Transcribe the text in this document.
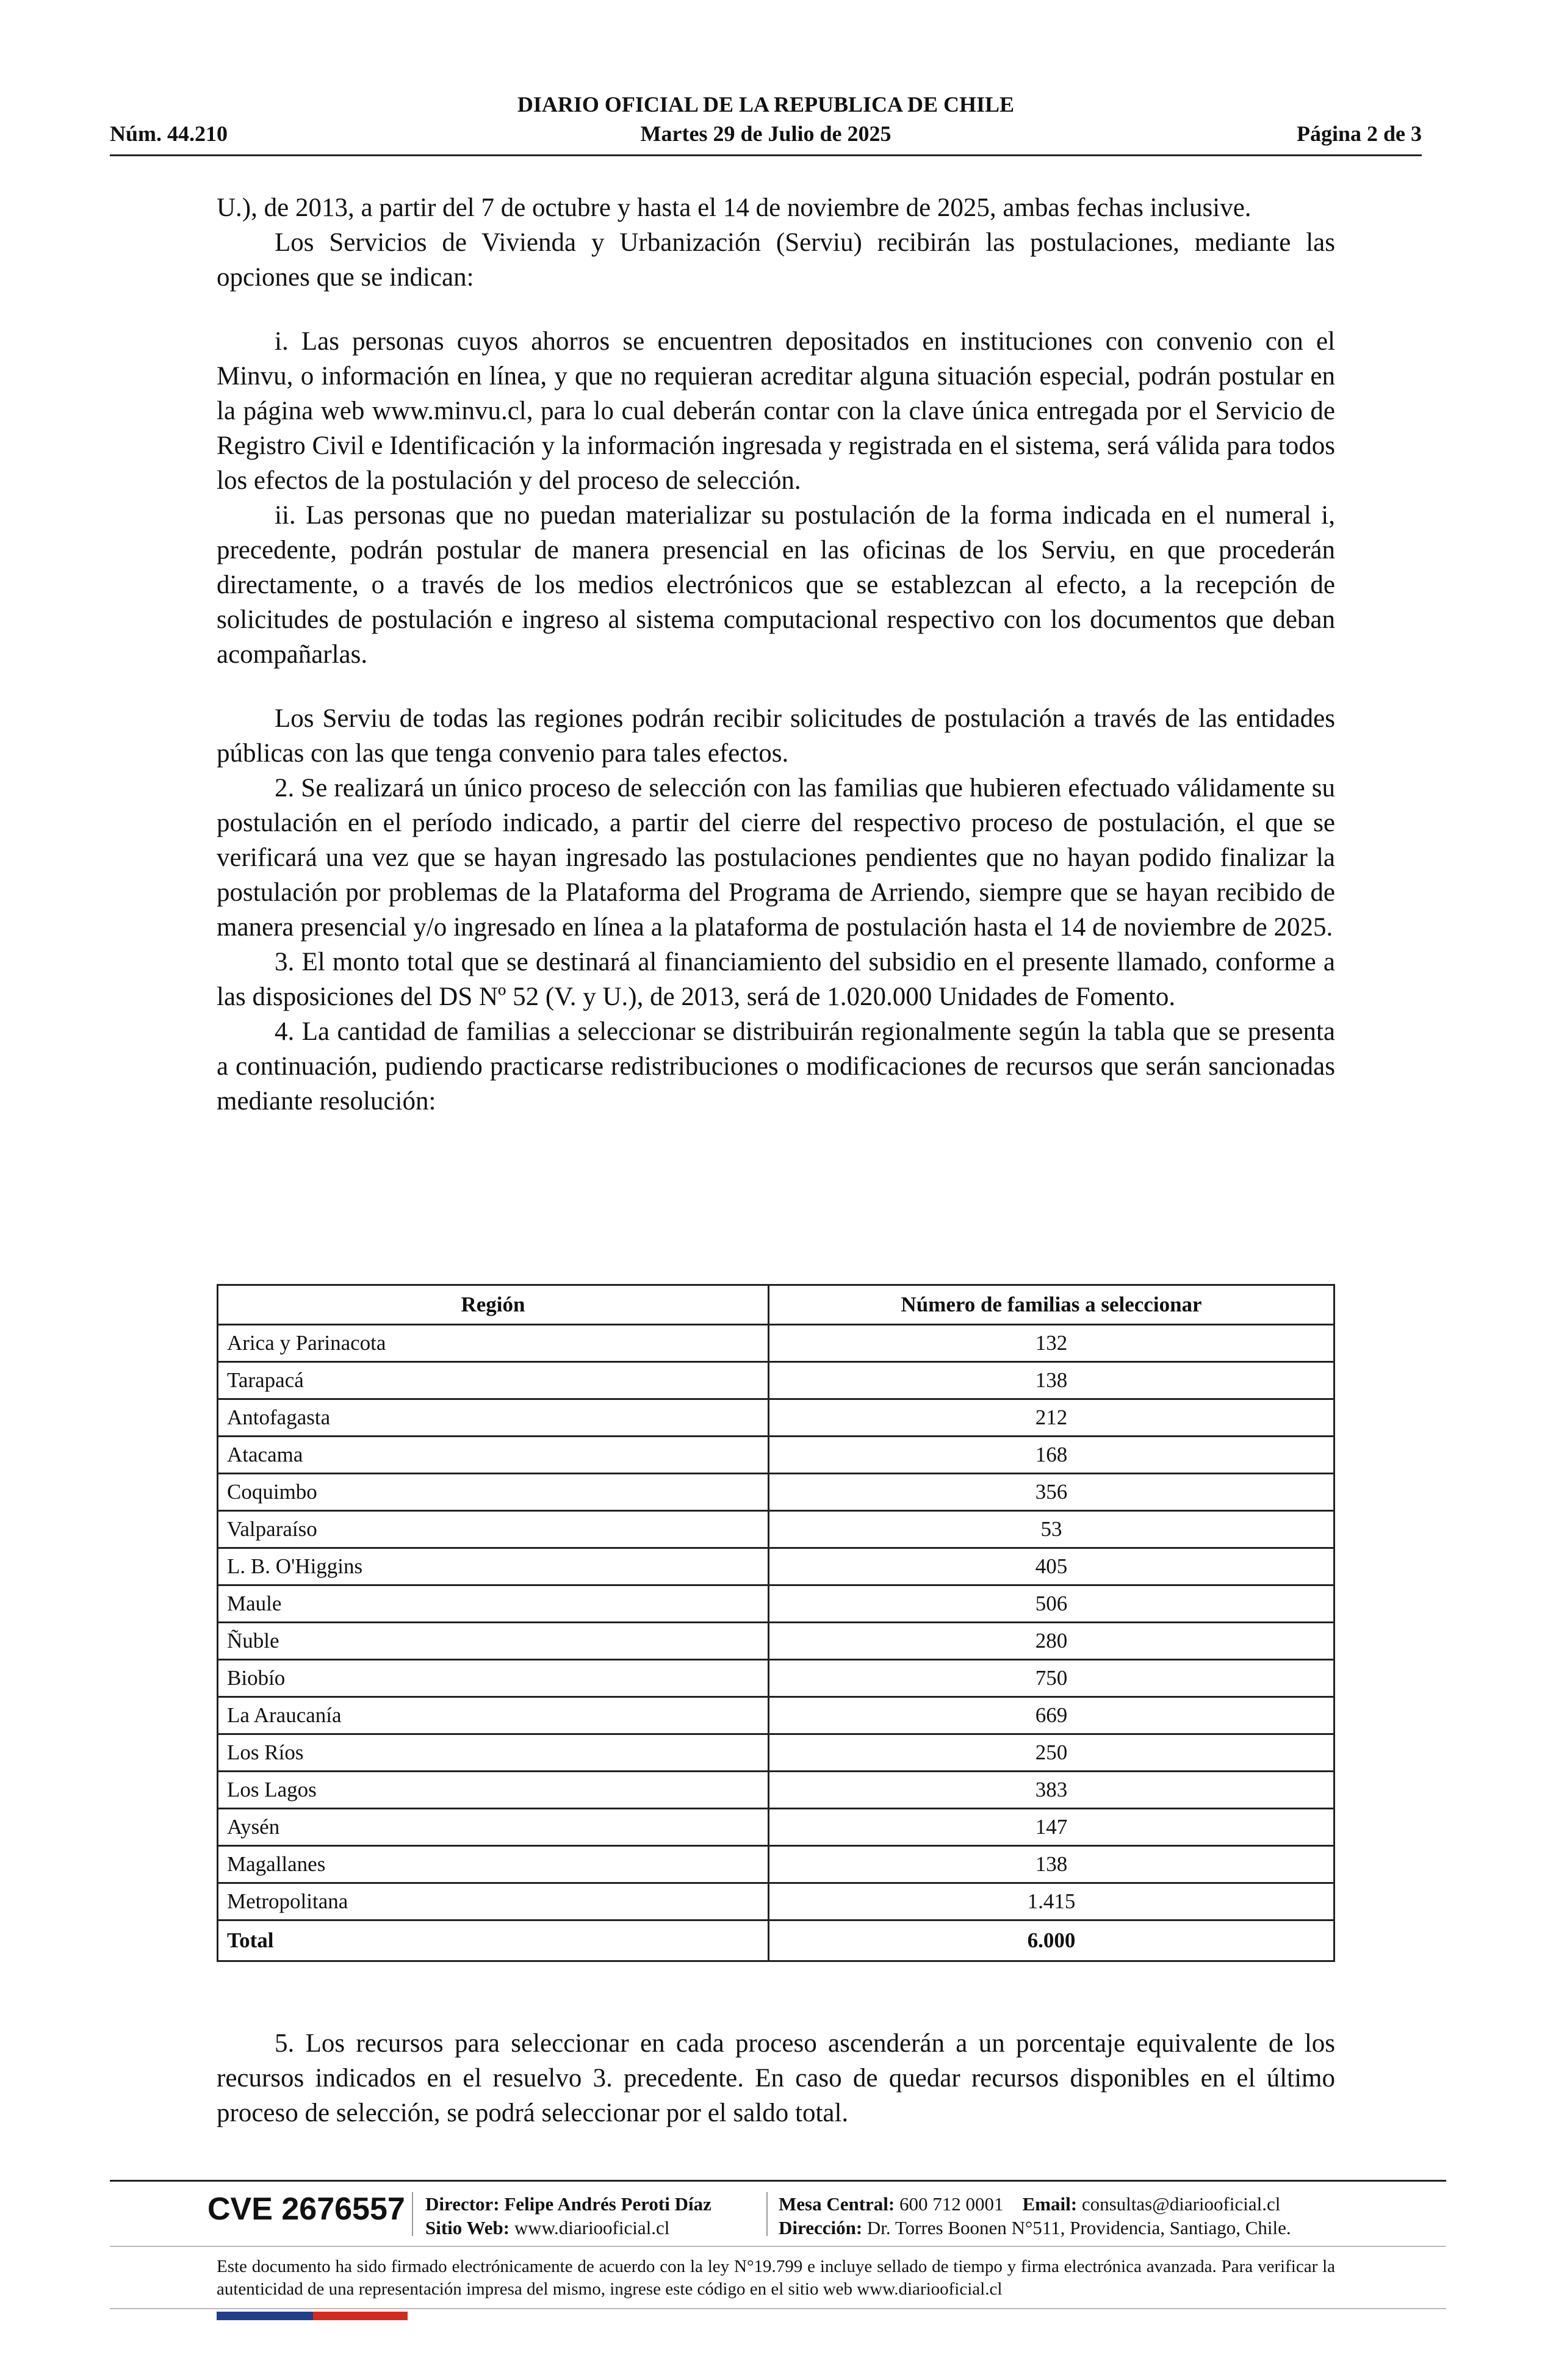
DIARIO OFICIAL DE LA REPUBLICA DE CHILE
Núm. 44.210	Martes 29 de Julio de 2025	Página 2 de 3

U.), de 2013, a partir del 7 de octubre y hasta el 14 de noviembre de 2025, ambas fechas inclusive.

Los Servicios de Vivienda y Urbanización (Serviu) recibirán las postulaciones, mediante las opciones que se indican:

i. Las personas cuyos ahorros se encuentren depositados en instituciones con convenio con el Minvu, o información en línea, y que no requieran acreditar alguna situación especial, podrán postular en la página web www.minvu.cl, para lo cual deberán contar con la clave única entregada por el Servicio de Registro Civil e Identificación y la información ingresada y registrada en el sistema, será válida para todos los efectos de la postulación y del proceso de selección.

ii. Las personas que no puedan materializar su postulación de la forma indicada en el numeral i, precedente, podrán postular de manera presencial en las oficinas de los Serviu, en que procederán directamente, o a través de los medios electrónicos que se establezcan al efecto, a la recepción de solicitudes de postulación e ingreso al sistema computacional respectivo con los documentos que deban acompañarlas.

Los Serviu de todas las regiones podrán recibir solicitudes de postulación a través de las entidades públicas con las que tenga convenio para tales efectos.

2. Se realizará un único proceso de selección con las familias que hubieren efectuado válidamente su postulación en el período indicado, a partir del cierre del respectivo proceso de postulación, el que se verificará una vez que se hayan ingresado las postulaciones pendientes que no hayan podido finalizar la postulación por problemas de la Plataforma del Programa de Arriendo, siempre que se hayan recibido de manera presencial y/o ingresado en línea a la plataforma de postulación hasta el 14 de noviembre de 2025.

3. El monto total que se destinará al financiamiento del subsidio en el presente llamado, conforme a las disposiciones del DS Nº 52 (V. y U.), de 2013, será de 1.020.000 Unidades de Fomento.

4. La cantidad de familias a seleccionar se distribuirán regionalmente según la tabla que se presenta a continuación, pudiendo practicarse redistribuciones o modificaciones de recursos que serán sancionadas mediante resolución:

Región	Número de familias a seleccionar
Arica y Parinacota	132
Tarapacá	138
Antofagasta	212
Atacama	168
Coquimbo	356
Valparaíso	53
L. B. O'Higgins	405
Maule	506
Ñuble	280
Biobío	750
La Araucanía	669
Los Ríos	250
Los Lagos	383
Aysén	147
Magallanes	138
Metropolitana	1.415
Total	6.000

5. Los recursos para seleccionar en cada proceso ascenderán a un porcentaje equivalente de los recursos indicados en el resuelvo 3. precedente. En caso de quedar recursos disponibles en el último proceso de selección, se podrá seleccionar por el saldo total.

CVE 2676557 Director: Felipe Andrés Peroti Díaz
Sitio Web: www.diariooficial.cl
Mesa Central: 600 712 0001 Email: consultas@diariooficial.cl
Dirección: Dr. Torres Boonen N°511, Providencia, Santiago, Chile.
Este documento ha sido firmado electrónicamente de acuerdo con la ley N°19.799 e incluye sellado de tiempo y firma electrónica avanzada. Para verificar la autenticidad de una representación impresa del mismo, ingrese este código en el sitio web www.diariooficial.cl
